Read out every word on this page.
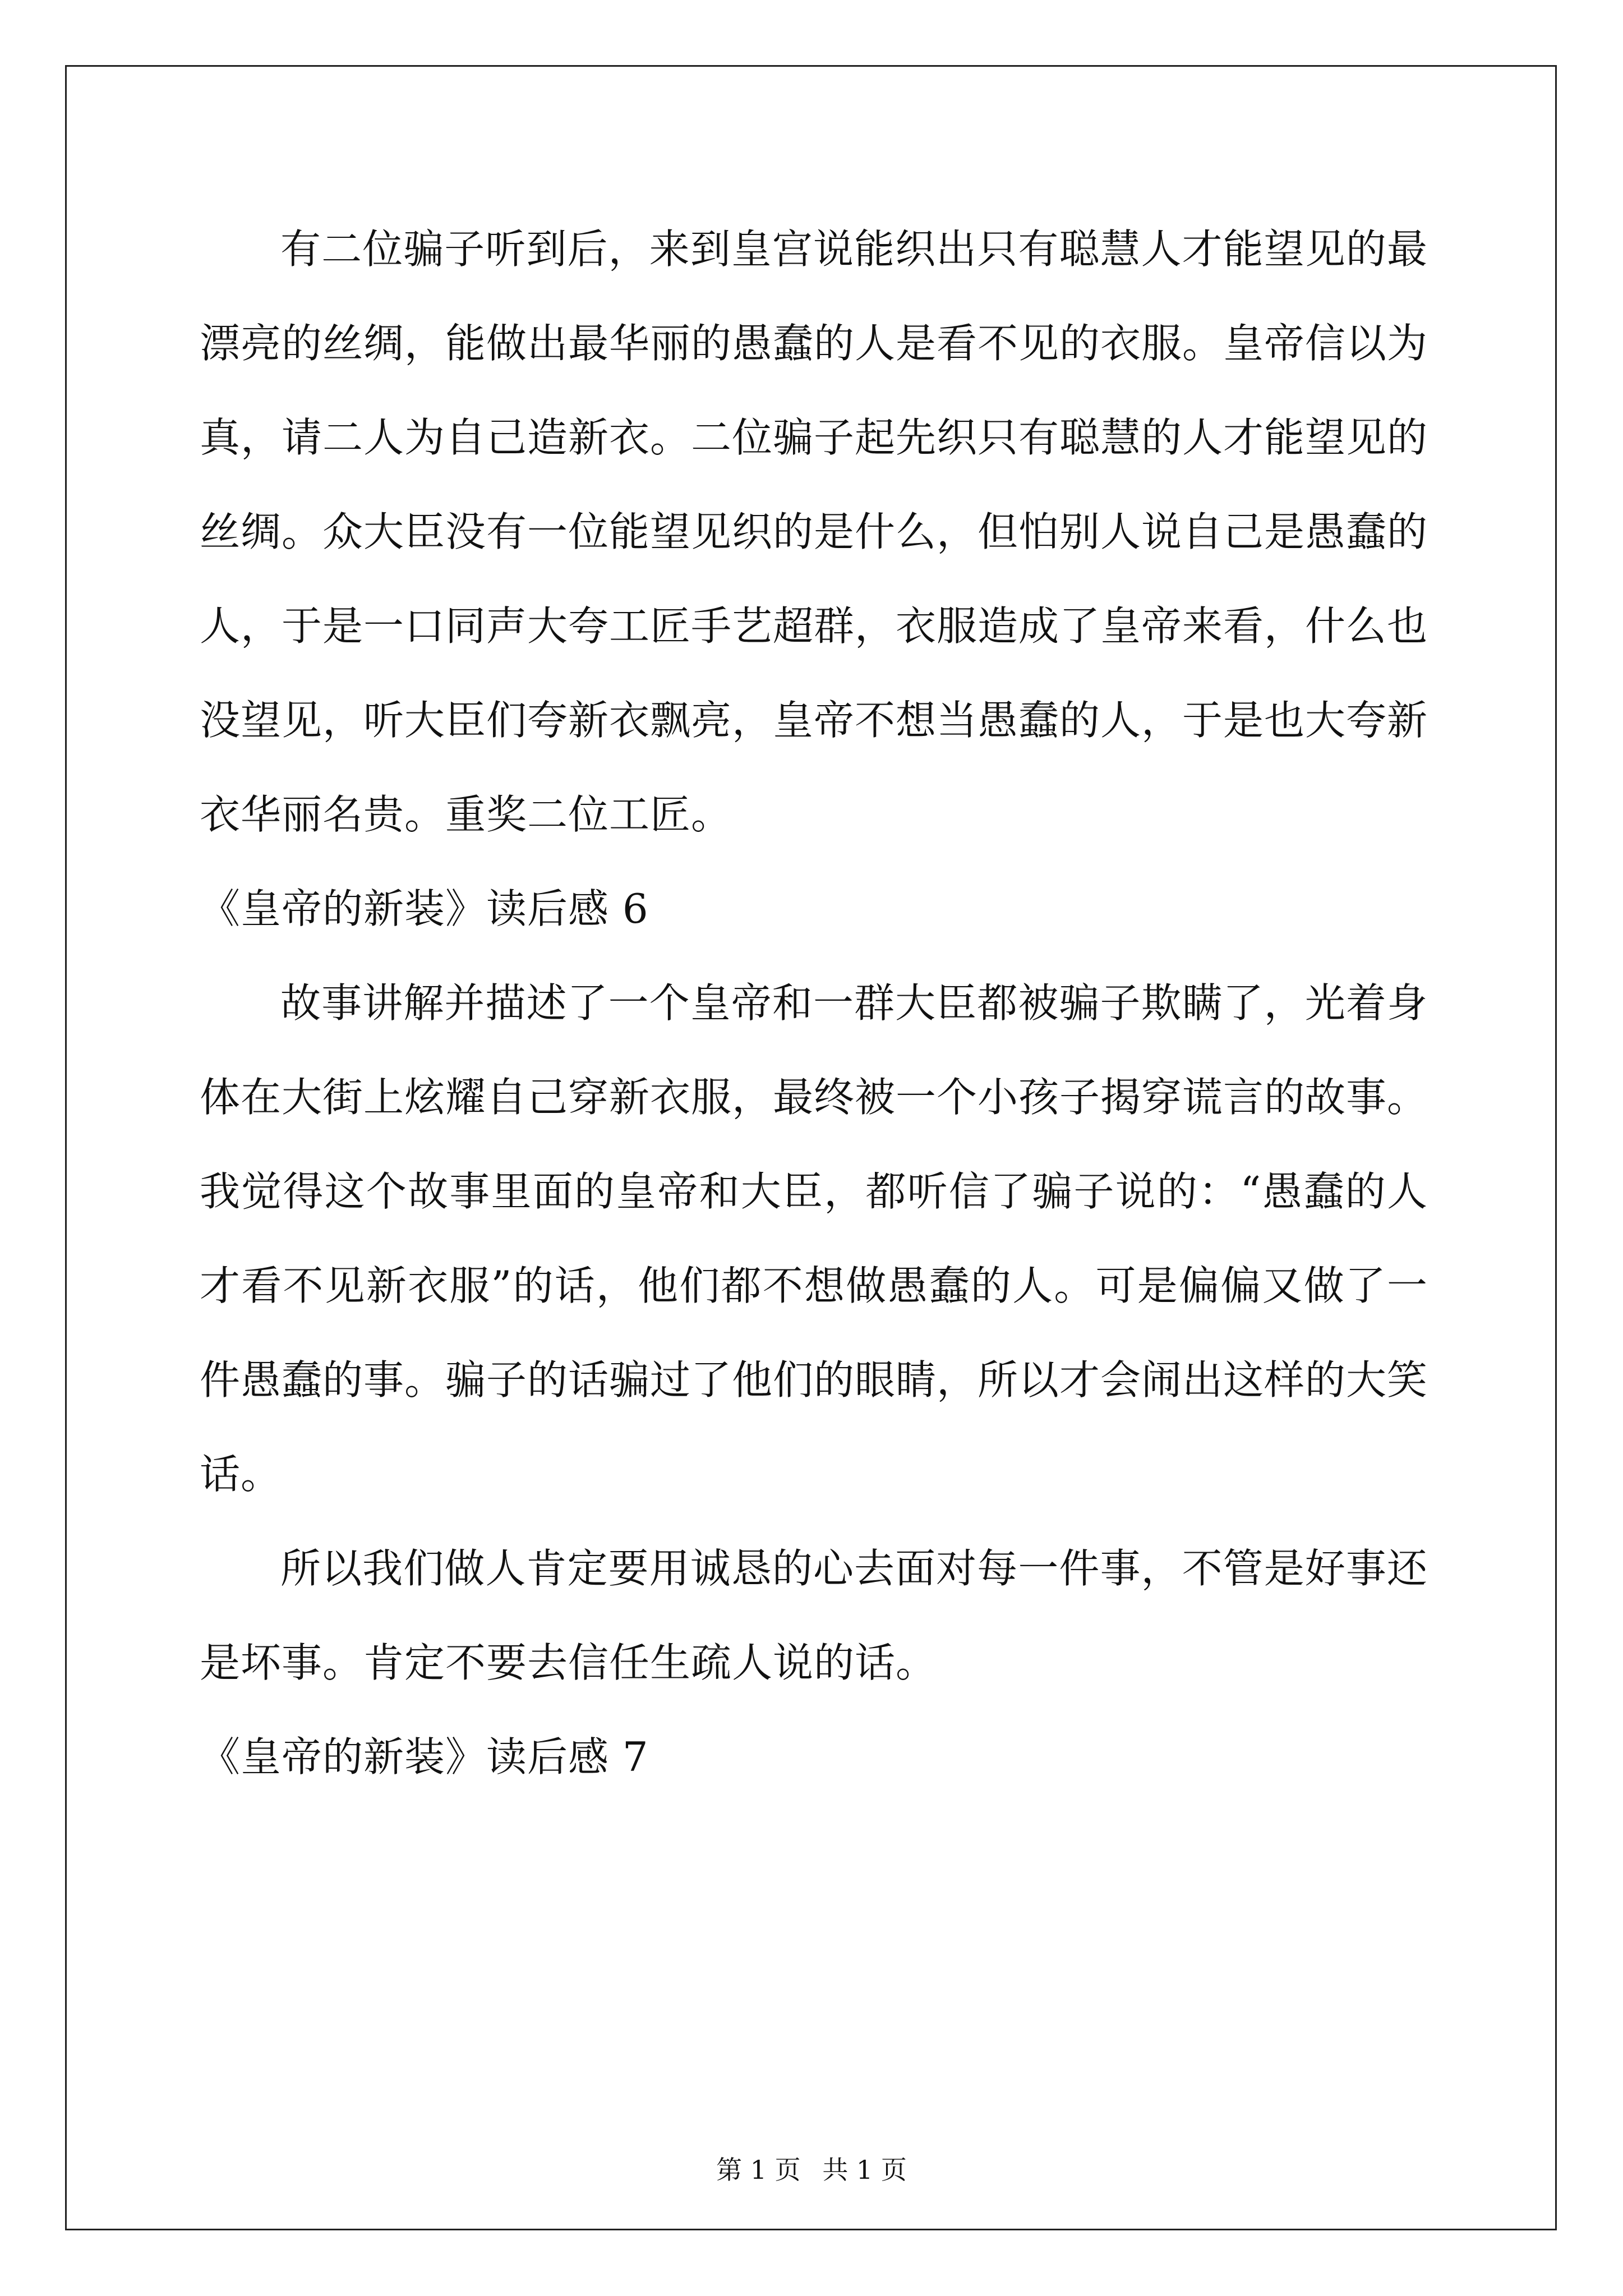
有二位骗子听到后，来到皇宫说能织出只有聪慧人才能望见的最漂亮的丝绸，能做出最华丽的愚蠢的人是看不见的衣服。皇帝信以为真，请二人为自己造新衣。二位骗子起先织只有聪慧的人才能望见的丝绸。众大臣没有一位能望见织的是什么，但怕别人说自己是愚蠢的人，于是一口同声大夸工匠手艺超群，衣服造成了皇帝来看，什么也没望见，听大臣们夸新衣飘亮，皇帝不想当愚蠢的人，于是也大夸新衣华丽名贵。重奖二位工匠。

《皇帝的新装》读后感 6

故事讲解并描述了一个皇帝和一群大臣都被骗子欺瞒了，光着身体在大街上炫耀自己穿新衣服，最终被一个小孩子揭穿谎言的故事。我觉得这个故事里面的皇帝和大臣，都听信了骗子说的：“愚蠢的人才看不见新衣服”的话，他们都不想做愚蠢的人。可是偏偏又做了一件愚蠢的事。骗子的话骗过了他们的眼睛，所以才会闹出这样的大笑话。

所以我们做人肯定要用诚恳的心去面对每一件事，不管是好事还是坏事。肯定不要去信任生疏人说的话。

《皇帝的新装》读后感 7

第 1 页 共 1 页
